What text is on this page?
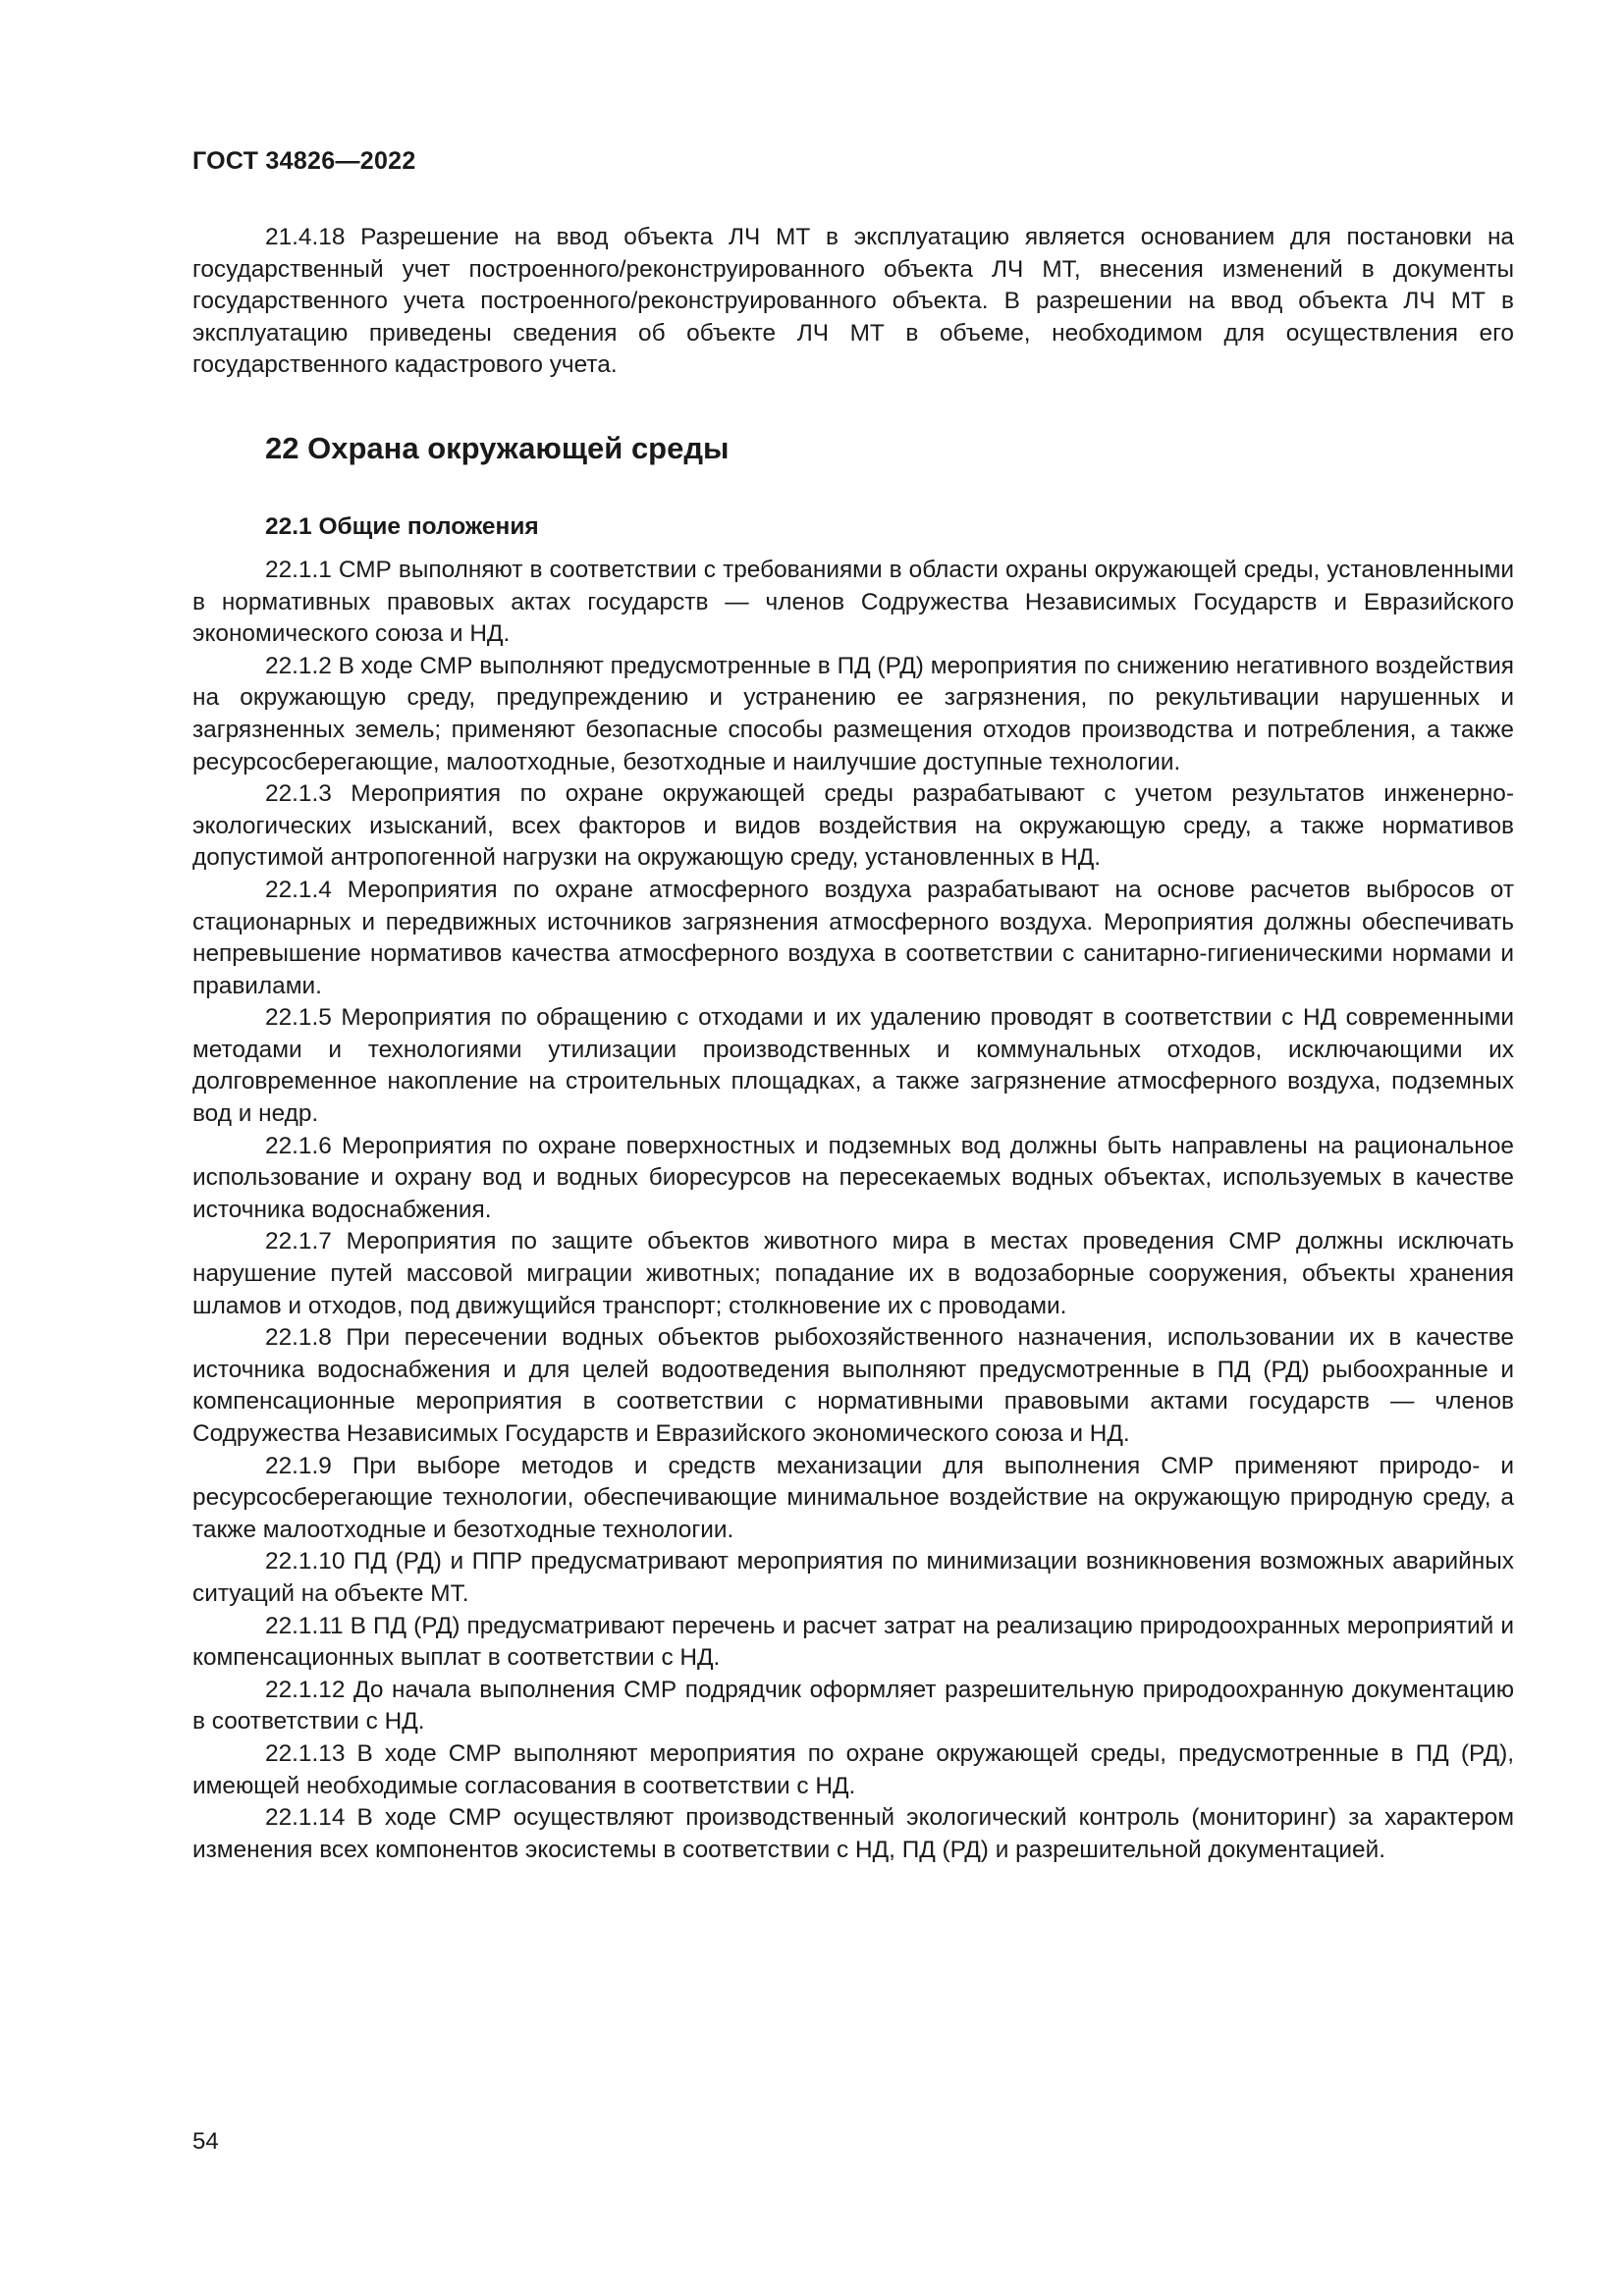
ГОСТ 34826—2022

21.4.18 Разрешение на ввод объекта ЛЧ МТ в эксплуатацию является основанием для постановки на государственный учет построенного/реконструированного объекта ЛЧ МТ, внесения изменений в документы государственного учета построенного/реконструированного объекта. В разрешении на ввод объекта ЛЧ МТ в эксплуатацию приведены сведения об объекте ЛЧ МТ в объеме, необходимом для осуществления его государственного кадастрового учета.

22 Охрана окружающей среды
22.1 Общие положения

22.1.1 СМР выполняют в соответствии с требованиями в области охраны окружающей среды, установленными в нормативных правовых актах государств — членов Содружества Независимых Государств и Евразийского экономического союза и НД.

22.1.2 В ходе СМР выполняют предусмотренные в ПД (РД) мероприятия по снижению негативного воздействия на окружающую среду, предупреждению и устранению ее загрязнения, по рекультивации нарушенных и загрязненных земель; применяют безопасные способы размещения отходов производства и потребления, а также ресурсосберегающие, малоотходные, безотходные и наилучшие доступные технологии.

22.1.3 Мероприятия по охране окружающей среды разрабатывают с учетом результатов инженерно-экологических изысканий, всех факторов и видов воздействия на окружающую среду, а также нормативов допустимой антропогенной нагрузки на окружающую среду, установленных в НД.

22.1.4 Мероприятия по охране атмосферного воздуха разрабатывают на основе расчетов выбросов от стационарных и передвижных источников загрязнения атмосферного воздуха. Мероприятия должны обеспечивать непревышение нормативов качества атмосферного воздуха в соответствии с санитарно-гигиеническими нормами и правилами.

22.1.5 Мероприятия по обращению с отходами и их удалению проводят в соответствии с НД современными методами и технологиями утилизации производственных и коммунальных отходов, исключающими их долговременное накопление на строительных площадках, а также загрязнение атмосферного воздуха, подземных вод и недр.

22.1.6 Мероприятия по охране поверхностных и подземных вод должны быть направлены на рациональное использование и охрану вод и водных биоресурсов на пересекаемых водных объектах, используемых в качестве источника водоснабжения.

22.1.7 Мероприятия по защите объектов животного мира в местах проведения СМР должны исключать нарушение путей массовой миграции животных; попадание их в водозаборные сооружения, объекты хранения шламов и отходов, под движущийся транспорт; столкновение их с проводами.

22.1.8 При пересечении водных объектов рыбохозяйственного назначения, использовании их в качестве источника водоснабжения и для целей водоотведения выполняют предусмотренные в ПД (РД) рыбоохранные и компенсационные мероприятия в соответствии с нормативными правовыми актами государств — членов Содружества Независимых Государств и Евразийского экономического союза и НД.

22.1.9 При выборе методов и средств механизации для выполнения СМР применяют природо- и ресурсосберегающие технологии, обеспечивающие минимальное воздействие на окружающую природную среду, а также малоотходные и безотходные технологии.

22.1.10 ПД (РД) и ППР предусматривают мероприятия по минимизации возникновения возможных аварийных ситуаций на объекте МТ.

22.1.11 В ПД (РД) предусматривают перечень и расчет затрат на реализацию природоохранных мероприятий и компенсационных выплат в соответствии с НД.

22.1.12 До начала выполнения СМР подрядчик оформляет разрешительную природоохранную документацию в соответствии с НД.

22.1.13 В ходе СМР выполняют мероприятия по охране окружающей среды, предусмотренные в ПД (РД), имеющей необходимые согласования в соответствии с НД.

22.1.14 В ходе СМР осуществляют производственный экологический контроль (мониторинг) за характером изменения всех компонентов экосистемы в соответствии с НД, ПД (РД) и разрешительной документацией.

54
